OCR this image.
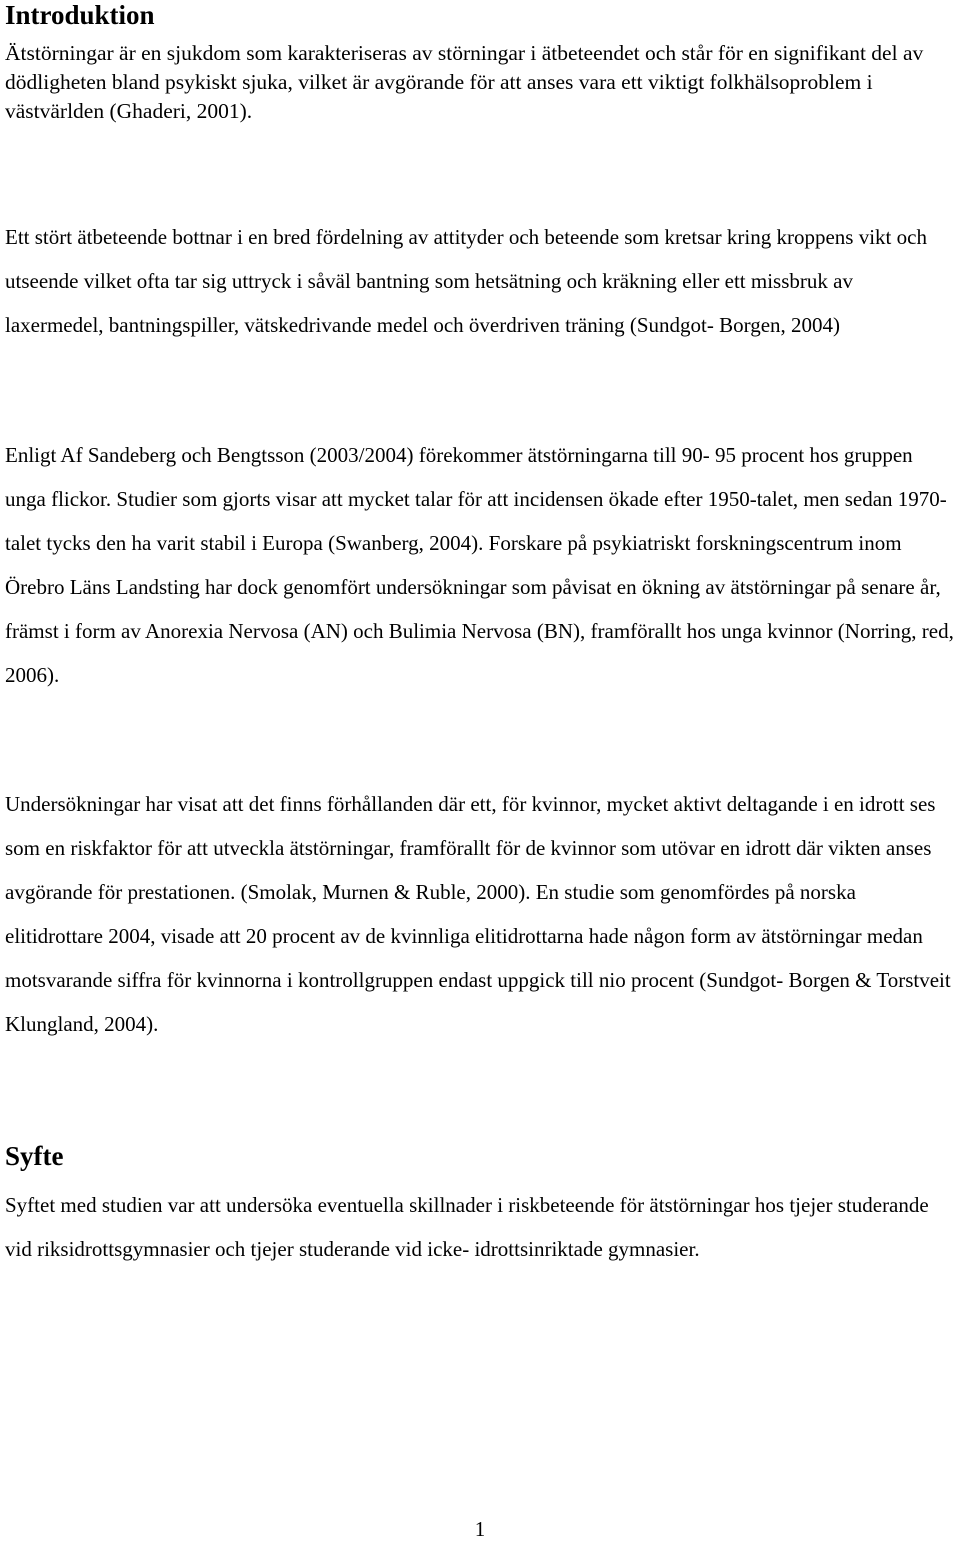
Introduktion

Ätstörningar är en sjukdom som karakteriseras av störningar i ätbeteendet och står för en signifikant del av dödligheten bland psykiskt sjuka, vilket är avgörande för att anses vara ett viktigt folkhälsoproblem i västvärlden (Ghaderi, 2001).

Ett stört ätbeteende bottnar i en bred fördelning av attityder och beteende som kretsar kring kroppens vikt och utseende vilket ofta tar sig uttryck i såväl bantning som hetsätning och kräkning eller ett missbruk av laxermedel, bantningspiller, vätskedrivande medel och överdriven träning (Sundgot- Borgen, 2004)

Enligt Af Sandeberg och Bengtsson (2003/2004) förekommer ätstörningarna till 90- 95 procent hos gruppen unga flickor. Studier som gjorts visar att mycket talar för att incidensen ökade efter 1950-talet, men sedan 1970-talet tycks den ha varit stabil i Europa (Swanberg, 2004). Forskare på psykiatriskt forskningscentrum inom Örebro Läns Landsting har dock genomfört undersökningar som påvisat en ökning av ätstörningar på senare år, främst i form av Anorexia Nervosa (AN) och Bulimia Nervosa (BN), framförallt hos unga kvinnor (Norring, red, 2006).

Undersökningar har visat att det finns förhållanden där ett, för kvinnor, mycket aktivt deltagande i en idrott ses som en riskfaktor för att utveckla ätstörningar, framförallt för de kvinnor som utövar en idrott där vikten anses avgörande för prestationen. (Smolak, Murnen & Ruble, 2000). En studie som genomfördes på norska elitidrottare 2004, visade att 20 procent av de kvinnliga elitidrottarna hade någon form av ätstörningar medan motsvarande siffra för kvinnorna i kontrollgruppen endast uppgick till nio procent (Sundgot- Borgen & Torstveit Klungland, 2004).

Syfte

Syftet med studien var att undersöka eventuella skillnader i riskbeteende för ätstörningar hos tjejer studerande vid riksidrottsgymnasier och tjejer studerande vid icke- idrottsinriktade gymnasier.

1
